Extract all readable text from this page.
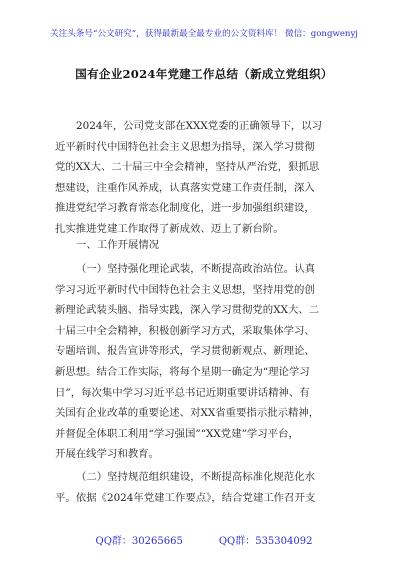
关注头条号“公文研究”，获得最新最全最专业的公文资料库！ 微信：gongwenyj
国有企业2024年党建工作总结（新成立党组织）
2024年，公司党支部在XXX党委的正确领导下，以习
近平新时代中国特色社会主义思想为指导，深入学习贯彻
党的XX大、二十届三中全会精神，坚持从严治党，狠抓思
想建设，注重作风养成，认真落实党建工作责任制，深入
推进党纪学习教育常态化制度化，进一步加强组织建设，
扎实推进党建工作取得了新成效、迈上了新台阶。
一、工作开展情况
（一）坚持强化理论武装，不断提高政治站位。认真
学习习近平新时代中国特色社会主义思想，坚持用党的创
新理论武装头脑、指导实践，深入学习贯彻党的XX大、二
十届三中全会精神，积极创新学习方式，采取集体学习、
专题培训、报告宣讲等形式，学习贯彻新观点、新理论、
新思想。结合工作实际，将每个星期一确定为“理论学习
日”，每次集中学习习近平总书记近期重要讲话精神、有
关国有企业改革的重要论述、对XX省重要指示批示精神，
并督促全体职工利用“学习强国”“XX党建”学习平台，
开展在线学习和教育。
（二）坚持规范组织建设，不断提高标准化规范化水
平。依据《2024年党建工作要点》，结合党建工作召开支
QQ群：30265665	QQ群：535304092
